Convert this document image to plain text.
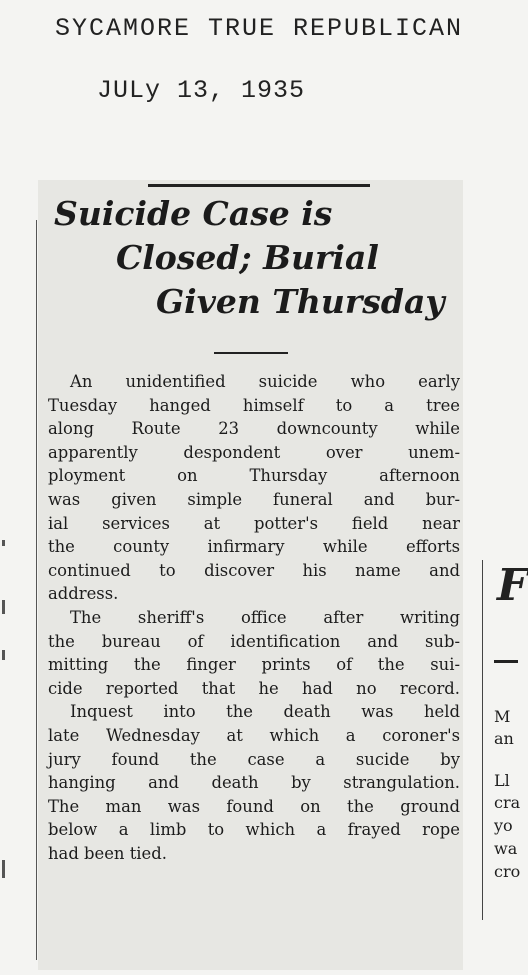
SYCAMORE TRUE REPUBLICAN
JULy 13, 1935
Suicide Case is
Closed; Burial
Given Thursday
An unidentified suicide who early
Tuesday hanged himself to a tree
along Route 23 downcounty while
apparently despondent over unem-
ployment on Thursday afternoon
was given simple funeral and bur-
ial services at potter's field near
the county infirmary while efforts
continued to discover his name and
address.
The sheriff's office after writing
the bureau of identification and sub-
mitting the finger prints of the sui-
cide reported that he had no record.
Inquest into the death was held
late Wednesday at which a coroner's
jury found the case a sucide by
hanging and death by strangulation.
The man was found on the ground
below a limb to which a frayed rope
had been tied.
F
M
an
Ll
cra
yo
wa
cro
